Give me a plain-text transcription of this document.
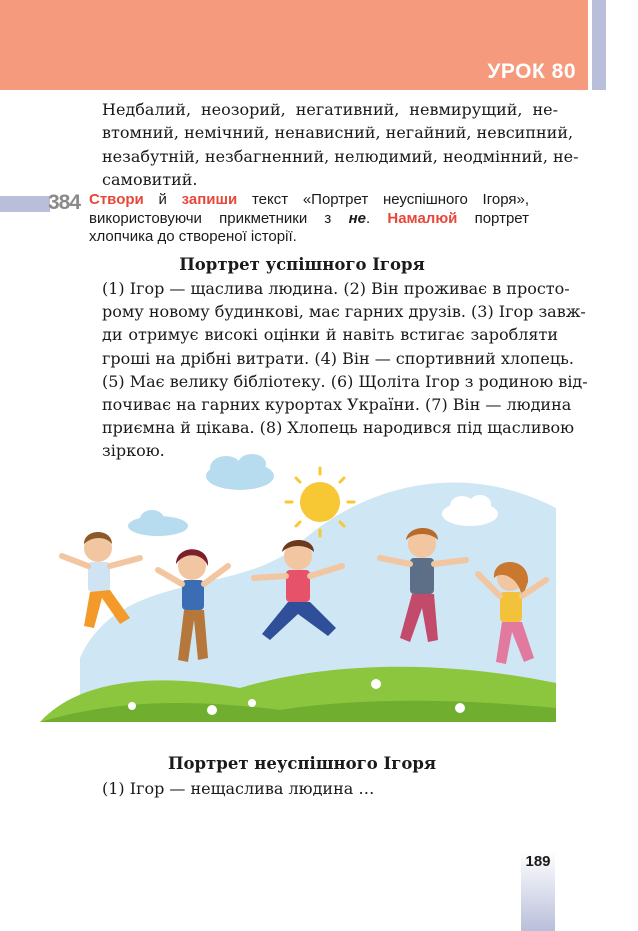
УРОК 80
Недбалий, неозорий, негативний, невмирущий, не-
втомний, немічний, ненависний, негайний, невсипний,
незабутній, незбагненний, нелюдимий, неодмінний, не-
самовитий.
384 Створи й запиши текст «Портрет неуспішного Ігоря»,
використовуючи прикметники з не. Намалюй портрет
хлопчика до створеної історії.
Портрет успішного Ігоря
(1) Ігор — щаслива людина. (2) Він проживає в просто-
рому новому будинкові, має гарних друзів. (3) Ігор завж-
ди отримує високі оцінки й навіть встигає заробляти
гроші на дрібні витрати. (4) Він — спортивний хлопець.
(5) Має велику бібліотеку. (6) Щоліта Ігор з родиною від-
почиває на гарних курортах України. (7) Він — людина
приємна й цікава. (8) Хлопець народився під щасливою
зіркою.
Портрет неуспішного Ігоря
(1) Ігор — нещаслива людина …
189
